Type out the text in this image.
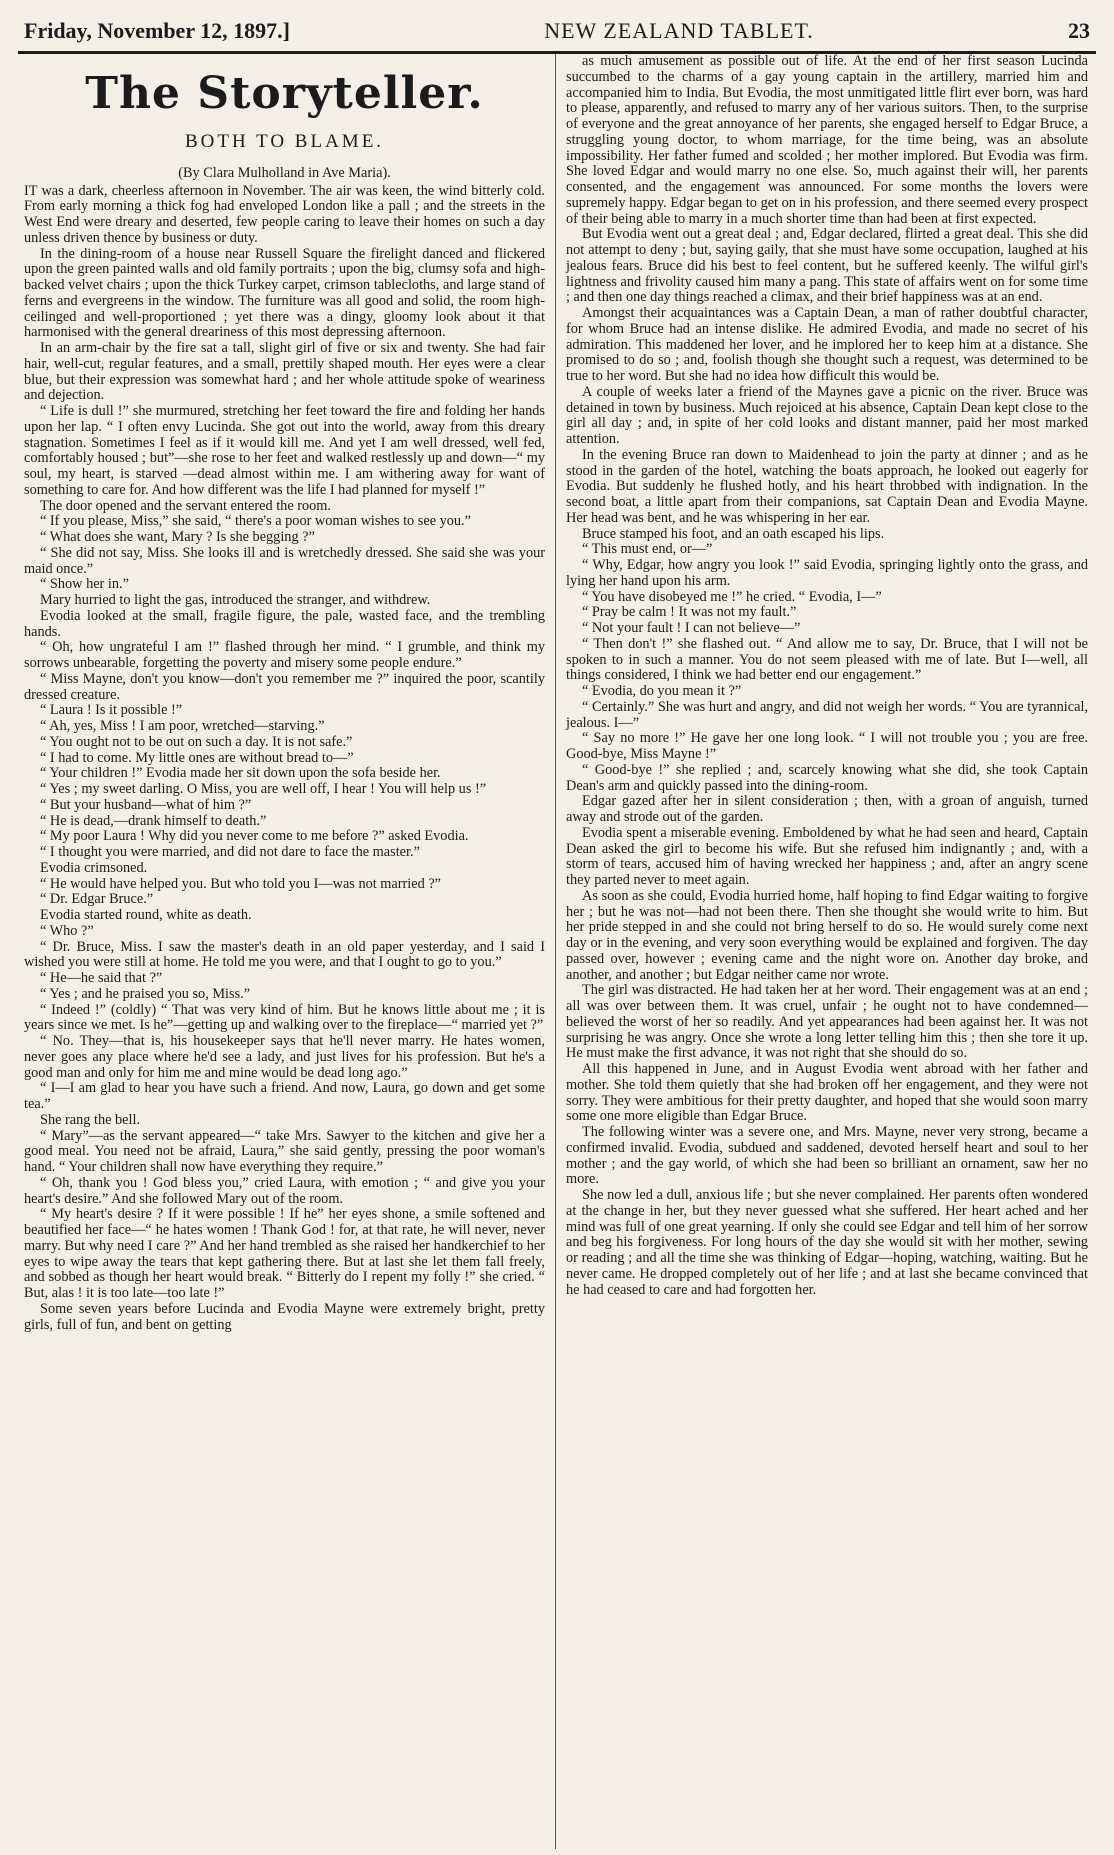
Friday, November 12, 1897.]	NEW ZEALAND TABLET.	23
The Storyteller.
BOTH TO BLAME.
(By Clara Mulholland in Ave Maria).

IT was a dark, cheerless afternoon in November. The air was keen, the wind bitterly cold. From early morning a thick fog had enveloped London like a pall ; and the streets in the West End were dreary and deserted, few people caring to leave their homes on such a day unless driven thence by business or duty.

In the dining-room of a house near Russell Square the firelight danced and flickered upon the green painted walls and old family portraits ; upon the big, clumsy sofa and high-backed velvet chairs ; upon the thick Turkey carpet, crimson tablecloths, and large stand of ferns and evergreens in the window. The furniture was all good and solid, the room high-ceilinged and well-proportioned ; yet there was a dingy, gloomy look about it that harmonised with the general dreariness of this most depressing afternoon.

In an arm-chair by the fire sat a tall, slight girl of five or six and twenty. She had fair hair, well-cut, regular features, and a small, prettily shaped mouth. Her eyes were a clear blue, but their expression was somewhat hard ; and her whole attitude spoke of weariness and dejection.

“ Life is dull !” she murmured, stretching her feet toward the fire and folding her hands upon her lap. “ I often envy Lucinda. She got out into the world, away from this dreary stagnation. Sometimes I feel as if it would kill me. And yet I am well dressed, well fed, comfortably housed ; but”—she rose to her feet and walked restlessly up and down—“ my soul, my heart, is starved —dead almost within me. I am withering away for want of something to care for. And how different was the life I had planned for myself !”

The door opened and the servant entered the room.

“ If you please, Miss,” she said, “ there's a poor woman wishes to see you.”

“ What does she want, Mary ? Is she begging ?”

“ She did not say, Miss. She looks ill and is wretchedly dressed. She said she was your maid once.”

“ Show her in.”

Mary hurried to light the gas, introduced the stranger, and withdrew.

Evodia looked at the small, fragile figure, the pale, wasted face, and the trembling hands.

“ Oh, how ungrateful I am !” flashed through her mind. “ I grumble, and think my sorrows unbearable, forgetting the poverty and misery some people endure.”

“ Miss Mayne, don't you know—don't you remember me ?” inquired the poor, scantily dressed creature.

“ Laura ! Is it possible !”

“ Ah, yes, Miss ! I am poor, wretched—starving.”

“ You ought not to be out on such a day. It is not safe.”

“ I had to come. My little ones are without bread to—”

“ Your children !” Evodia made her sit down upon the sofa beside her.

“ Yes ; my sweet darling. O Miss, you are well off, I hear ! You will help us !”

“ But your husband—what of him ?”

“ He is dead,—drank himself to death.”

“ My poor Laura ! Why did you never come to me before ?” asked Evodia.

“ I thought you were married, and did not dare to face the master.”

Evodia crimsoned.

“ He would have helped you. But who told you I—was not married ?”

“ Dr. Edgar Bruce.”

Evodia started round, white as death.

“ Who ?”

“ Dr. Bruce, Miss. I saw the master's death in an old paper yesterday, and I said I wished you were still at home. He told me you were, and that I ought to go to you.”

“ He—he said that ?”

“ Yes ; and he praised you so, Miss.”

“ Indeed !” (coldly) “ That was very kind of him. But he knows little about me ; it is years since we met. Is he”—getting up and walking over to the fireplace—“ married yet ?”

“ No. They—that is, his housekeeper says that he'll never marry. He hates women, never goes any place where he'd see a lady, and just lives for his profession. But he's a good man and only for him me and mine would be dead long ago.”

“ I—I am glad to hear you have such a friend. And now, Laura, go down and get some tea.”

She rang the bell.

“ Mary”—as the servant appeared—“ take Mrs. Sawyer to the kitchen and give her a good meal. You need not be afraid, Laura,” she said gently, pressing the poor woman's hand. “ Your children shall now have everything they require.”

“ Oh, thank you ! God bless you,” cried Laura, with emotion ; “ and give you your heart's desire.” And she followed Mary out of the room.

“ My heart's desire ? If it were possible ! If he” her eyes shone, a smile softened and beautified her face—“ he hates women ! Thank God ! for, at that rate, he will never, never marry. But why need I care ?” And her hand trembled as she raised her handkerchief to her eyes to wipe away the tears that kept gathering there. But at last she let them fall freely, and sobbed as though her heart would break. “ Bitterly do I repent my folly !” she cried. “ But, alas ! it is too late—too late !”

Some seven years before Lucinda and Evodia Mayne were extremely bright, pretty girls, full of fun, and bent on getting

as much amusement as possible out of life. At the end of her first season Lucinda succumbed to the charms of a gay young captain in the artillery, married him and accompanied him to India. But Evodia, the most unmitigated little flirt ever born, was hard to please, apparently, and refused to marry any of her various suitors. Then, to the surprise of everyone and the great annoyance of her parents, she engaged herself to Edgar Bruce, a struggling young doctor, to whom marriage, for the time being, was an absolute impossibility. Her father fumed and scolded ; her mother implored. But Evodia was firm. She loved Edgar and would marry no one else. So, much against their will, her parents consented, and the engagement was announced. For some months the lovers were supremely happy. Edgar began to get on in his profession, and there seemed every prospect of their being able to marry in a much shorter time than had been at first expected.

But Evodia went out a great deal ; and, Edgar declared, flirted a great deal. This she did not attempt to deny ; but, saying gaily, that she must have some occupation, laughed at his jealous fears. Bruce did his best to feel content, but he suffered keenly. The wilful girl's lightness and frivolity caused him many a pang. This state of affairs went on for some time ; and then one day things reached a climax, and their brief happiness was at an end.

Amongst their acquaintances was a Captain Dean, a man of rather doubtful character, for whom Bruce had an intense dislike. He admired Evodia, and made no secret of his admiration. This maddened her lover, and he implored her to keep him at a distance. She promised to do so ; and, foolish though she thought such a request, was determined to be true to her word. But she had no idea how difficult this would be.

A couple of weeks later a friend of the Maynes gave a picnic on the river. Bruce was detained in town by business. Much rejoiced at his absence, Captain Dean kept close to the girl all day ; and, in spite of her cold looks and distant manner, paid her most marked attention.

In the evening Bruce ran down to Maidenhead to join the party at dinner ; and as he stood in the garden of the hotel, watching the boats approach, he looked out eagerly for Evodia. But suddenly he flushed hotly, and his heart throbbed with indignation. In the second boat, a little apart from their companions, sat Captain Dean and Evodia Mayne. Her head was bent, and he was whispering in her ear.

Bruce stamped his foot, and an oath escaped his lips.

“ This must end, or—”

“ Why, Edgar, how angry you look !” said Evodia, springing lightly onto the grass, and lying her hand upon his arm.

“ You have disobeyed me !” he cried. “ Evodia, I—”

“ Pray be calm ! It was not my fault.”

“ Not your fault ! I can not believe—”

“ Then don't !” she flashed out. “ And allow me to say, Dr. Bruce, that I will not be spoken to in such a manner. You do not seem pleased with me of late. But I—well, all things considered, I think we had better end our engagement.”

“ Evodia, do you mean it ?”

“ Certainly.” She was hurt and angry, and did not weigh her words. “ You are tyrannical, jealous. I—”

“ Say no more !” He gave her one long look. “ I will not trouble you ; you are free. Good-bye, Miss Mayne !”

“ Good-bye !” she replied ; and, scarcely knowing what she did, she took Captain Dean's arm and quickly passed into the dining-room.

Edgar gazed after her in silent consideration ; then, with a groan of anguish, turned away and strode out of the garden.

Evodia spent a miserable evening. Emboldened by what he had seen and heard, Captain Dean asked the girl to become his wife. But she refused him indignantly ; and, with a storm of tears, accused him of having wrecked her happiness ; and, after an angry scene they parted never to meet again.

As soon as she could, Evodia hurried home, half hoping to find Edgar waiting to forgive her ; but he was not—had not been there. Then she thought she would write to him. But her pride stepped in and she could not bring herself to do so. He would surely come next day or in the evening, and very soon everything would be explained and forgiven. The day passed over, however ; evening came and the night wore on. Another day broke, and another, and another ; but Edgar neither came nor wrote.

The girl was distracted. He had taken her at her word. Their engagement was at an end ; all was over between them. It was cruel, unfair ; he ought not to have condemned—believed the worst of her so readily. And yet appearances had been against her. It was not surprising he was angry. Once she wrote a long letter telling him this ; then she tore it up. He must make the first advance, it was not right that she should do so.

All this happened in June, and in August Evodia went abroad with her father and mother. She told them quietly that she had broken off her engagement, and they were not sorry. They were ambitious for their pretty daughter, and hoped that she would soon marry some one more eligible than Edgar Bruce.

The following winter was a severe one, and Mrs. Mayne, never very strong, became a confirmed invalid. Evodia, subdued and saddened, devoted herself heart and soul to her mother ; and the gay world, of which she had been so brilliant an ornament, saw her no more.

She now led a dull, anxious life ; but she never complained. Her parents often wondered at the change in her, but they never guessed what she suffered. Her heart ached and her mind was full of one great yearning. If only she could see Edgar and tell him of her sorrow and beg his forgiveness. For long hours of the day she would sit with her mother, sewing or reading ; and all the time she was thinking of Edgar—hoping, watching, waiting. But he never came. He dropped completely out of her life ; and at last she became convinced that he had ceased to care and had forgotten her.
